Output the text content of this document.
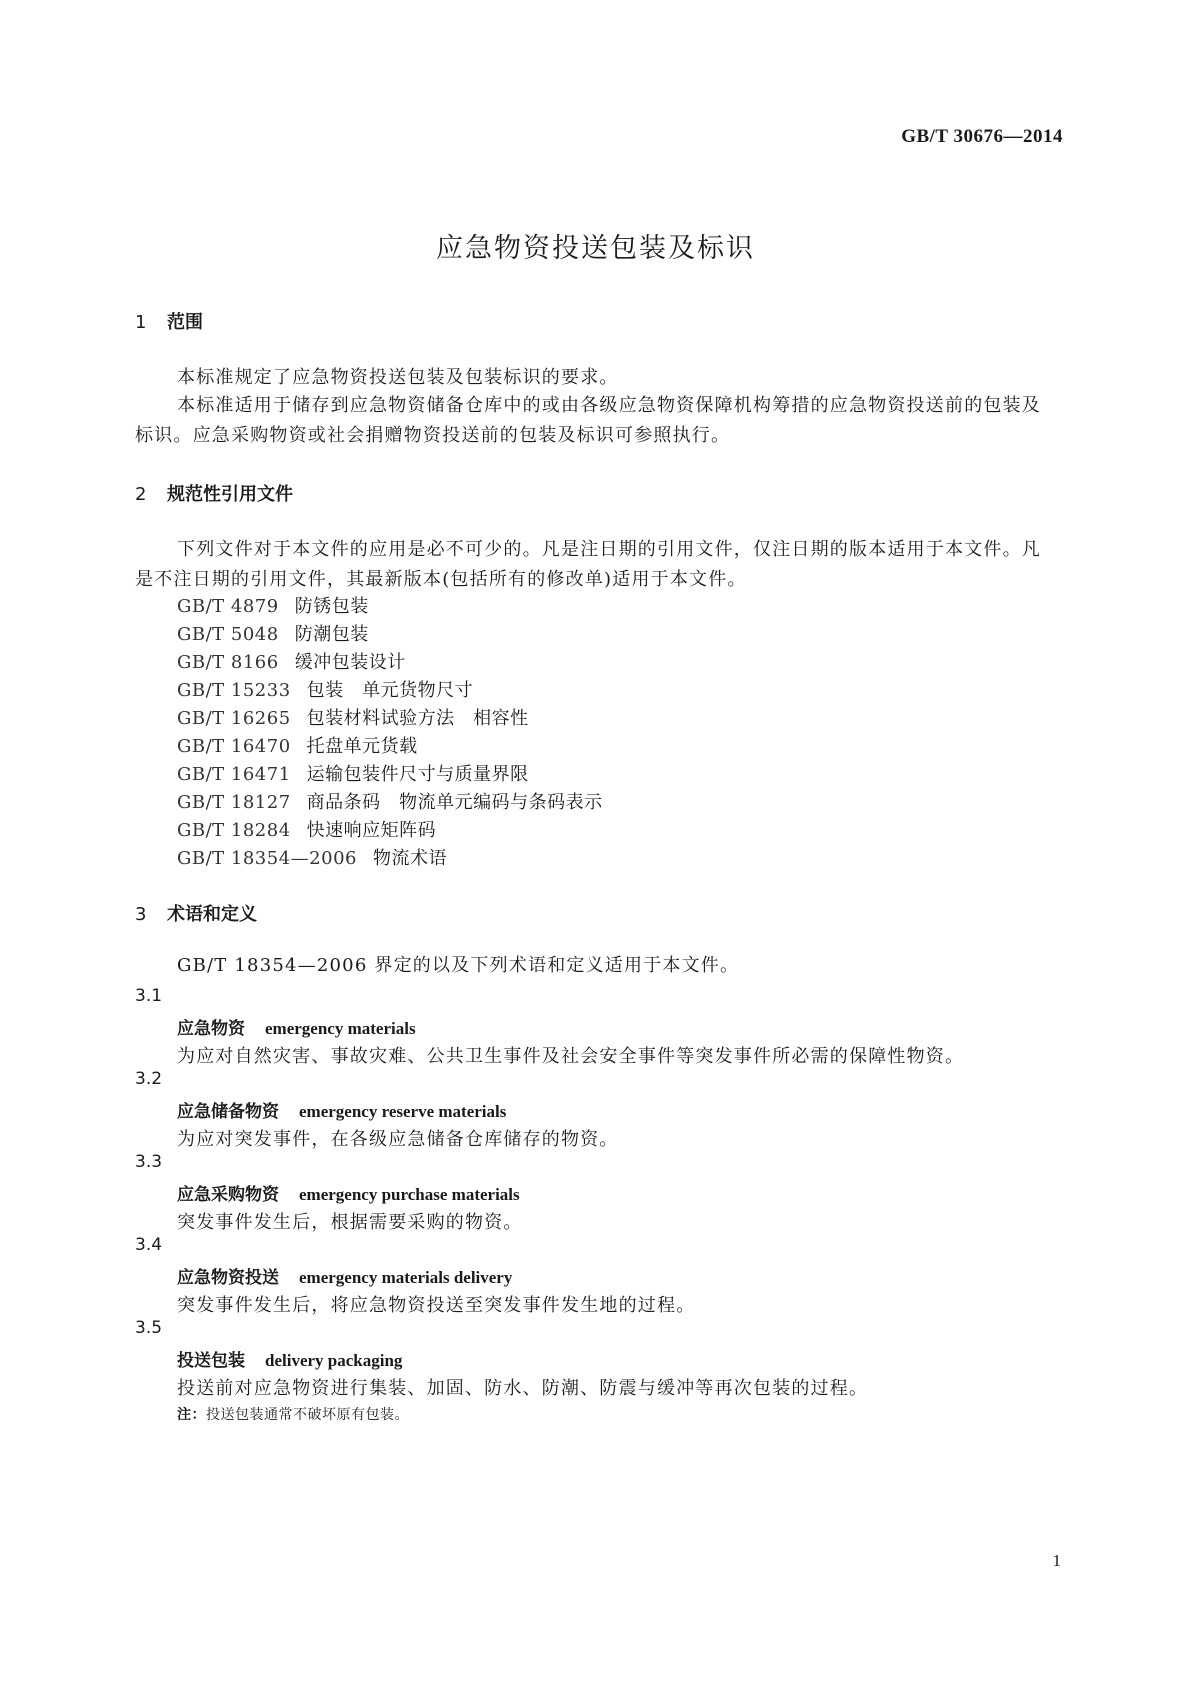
GB/T 30676—2014
应急物资投送包装及标识
1 范围
本标准规定了应急物资投送包装及包装标识的要求。
本标准适用于储存到应急物资储备仓库中的或由各级应急物资保障机构筹措的应急物资投送前的包装及标识。应急采购物资或社会捐赠物资投送前的包装及标识可参照执行。
2 规范性引用文件
下列文件对于本文件的应用是必不可少的。凡是注日期的引用文件，仅注日期的版本适用于本文件。凡是不注日期的引用文件，其最新版本(包括所有的修改单)适用于本文件。
GB/T 4879 防锈包装
GB/T 5048 防潮包装
GB/T 8166 缓冲包装设计
GB/T 15233 包装　单元货物尺寸
GB/T 16265 包装材料试验方法　相容性
GB/T 16470 托盘单元货载
GB/T 16471 运输包装件尺寸与质量界限
GB/T 18127 商品条码　物流单元编码与条码表示
GB/T 18284 快速响应矩阵码
GB/T 18354—2006 物流术语
3 术语和定义
GB/T 18354—2006 界定的以及下列术语和定义适用于本文件。
3.1
应急物资 emergency materials
为应对自然灾害、事故灾难、公共卫生事件及社会安全事件等突发事件所必需的保障性物资。
3.2
应急储备物资 emergency reserve materials
为应对突发事件，在各级应急储备仓库储存的物资。
3.3
应急采购物资 emergency purchase materials
突发事件发生后，根据需要采购的物资。
3.4
应急物资投送 emergency materials delivery
突发事件发生后，将应急物资投送至突发事件发生地的过程。
3.5
投送包装 delivery packaging
投送前对应急物资进行集装、加固、防水、防潮、防震与缓冲等再次包装的过程。
注：投送包装通常不破坏原有包装。
1
